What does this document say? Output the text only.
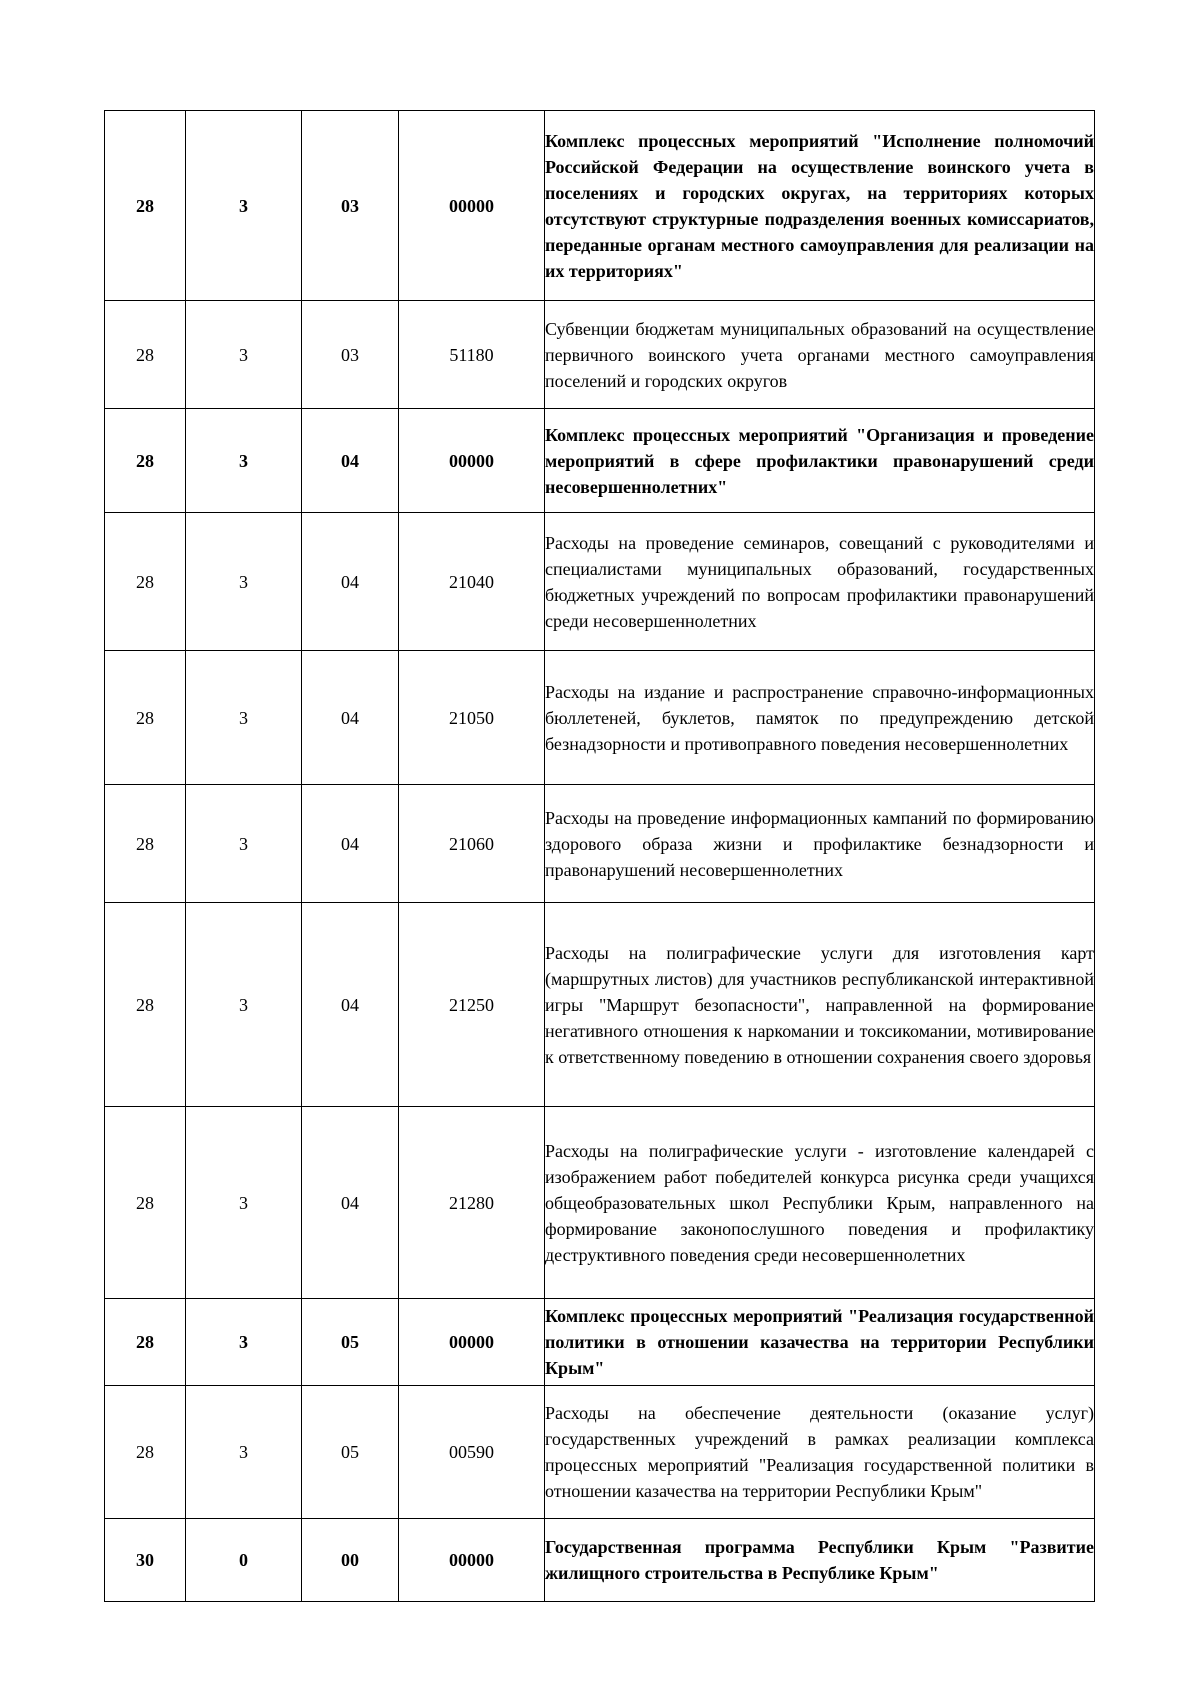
28	3	03	00000	Комплекс процессных мероприятий "Исполнение полномочий Российской Федерации на осуществление воинского учета в поселениях и городских округах, на территориях которых отсутствуют структурные подразделения военных комиссариатов, переданные органам местного самоуправления для реализации на их территориях"
28	3	03	51180	Субвенции бюджетам муниципальных образований на осуществление первичного воинского учета органами местного самоуправления поселений и городских округов
28	3	04	00000	Комплекс процессных мероприятий "Организация и проведение мероприятий в сфере профилактики правонарушений среди несовершеннолетних"
28	3	04	21040	Расходы на проведение семинаров, совещаний с руководителями и специалистами муниципальных образований, государственных бюджетных учреждений по вопросам профилактики правонарушений среди несовершеннолетних
28	3	04	21050	Расходы на издание и распространение справочно-информационных бюллетеней, буклетов, памяток по предупреждению детской безнадзорности и противоправного поведения несовершеннолетних
28	3	04	21060	Расходы на проведение информационных кампаний по формированию здорового образа жизни и профилактике безнадзорности и правонарушений несовершеннолетних
28	3	04	21250	Расходы на полиграфические услуги для изготовления карт (маршрутных листов) для участников республиканской интерактивной игры "Маршрут безопасности", направленной на формирование негативного отношения к наркомании и токсикомании, мотивирование к ответственному поведению в отношении сохранения своего здоровья
28	3	04	21280	Расходы на полиграфические услуги - изготовление календарей с изображением работ победителей конкурса рисунка среди учащихся общеобразовательных школ Республики Крым, направленного на формирование законопослушного поведения и профилактику деструктивного поведения среди несовершеннолетних
28	3	05	00000	Комплекс процессных мероприятий "Реализация государственной политики в отношении казачества на территории Республики Крым"
28	3	05	00590	Расходы на обеспечение деятельности (оказание услуг) государственных учреждений в рамках реализации комплекса процессных мероприятий "Реализация государственной политики в отношении казачества на территории Республики Крым"
30	0	00	00000	Государственная программа Республики Крым "Развитие жилищного строительства в Республике Крым"
